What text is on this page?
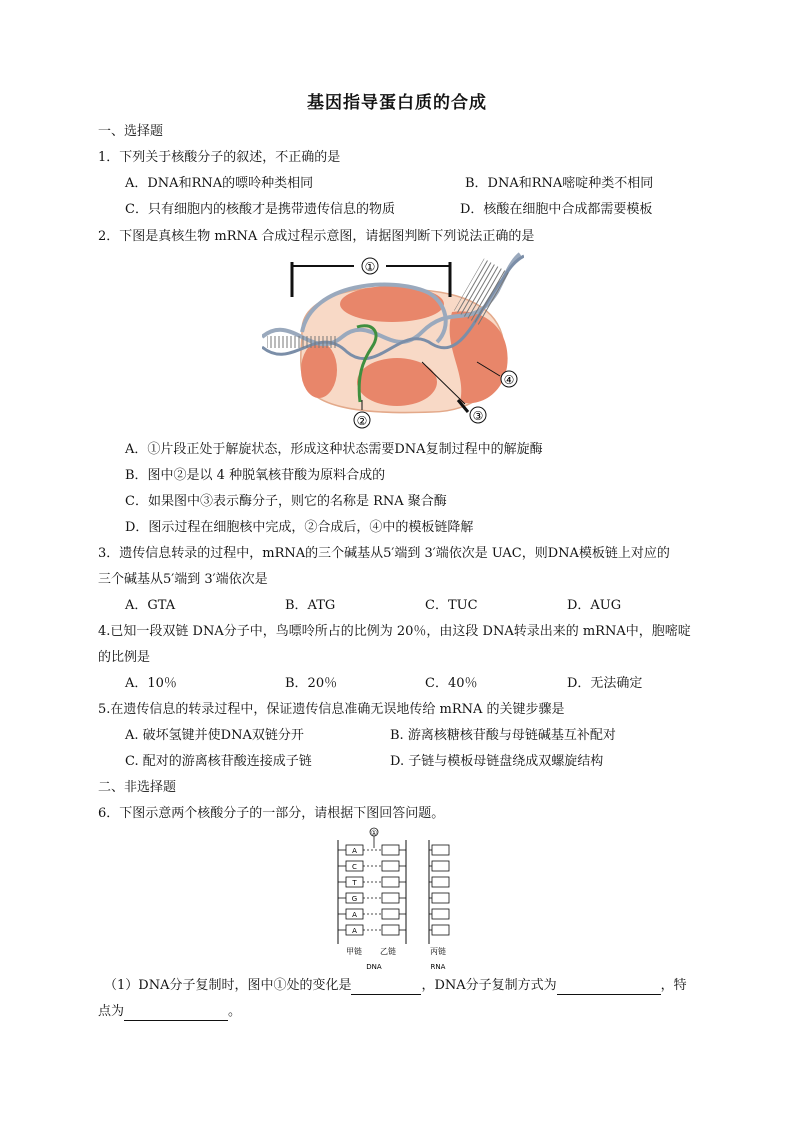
基因指导蛋白质的合成
一、选择题
1．下列关于核酸分子的叙述，不正确的是
A．DNA和RNA的嘌呤种类相同	B．DNA和RNA嘧啶种类不相同
C．只有细胞内的核酸才是携带遗传信息的物质	D．核酸在细胞中合成都需要模板
2．下图是真核生物 mRNA 合成过程示意图，请据图判断下列说法正确的是
①
②	③
④
A．①片段正处于解旋状态，形成这种状态需要DNA复制过程中的解旋酶
B．图中②是以 4 种脱氧核苷酸为原料合成的
C．如果图中③表示酶分子，则它的名称是 RNA 聚合酶
D．图示过程在细胞核中完成，②合成后，④中的模板链降解
3．遗传信息转录的过程中，mRNA的三个碱基从5′端到 3′端依次是 UAC，则DNA模板链上对应的
三个碱基从5′端到 3′端依次是
A．GTA	B．ATG	C．TUC	D．AUG
4.已知一段双链 DNA分子中，鸟嘌呤所占的比例为 20％，由这段 DNA转录出来的 mRNA中，胞嘧啶
的比例是
A．10％	B．20％	C．40％	D．无法确定
5.在遗传信息的转录过程中，保证遗传信息准确无误地传给 mRNA 的关键步骤是
A. 破坏氢键并使DNA双链分开	B. 游离核糖核苷酸与母链碱基互补配对
C. 配对的游离核苷酸连接成子链	D. 子链与模板母链盘绕成双螺旋结构
二、非选择题
6．下图示意两个核酸分子的一部分，请根据下图回答问题。
①
A
C
T
G
A
A
甲链 乙链	丙链
DNA	RNA
（1）DNA分子复制时，图中①处的变化是	，DNA分子复制方式为	，特
点为	。
